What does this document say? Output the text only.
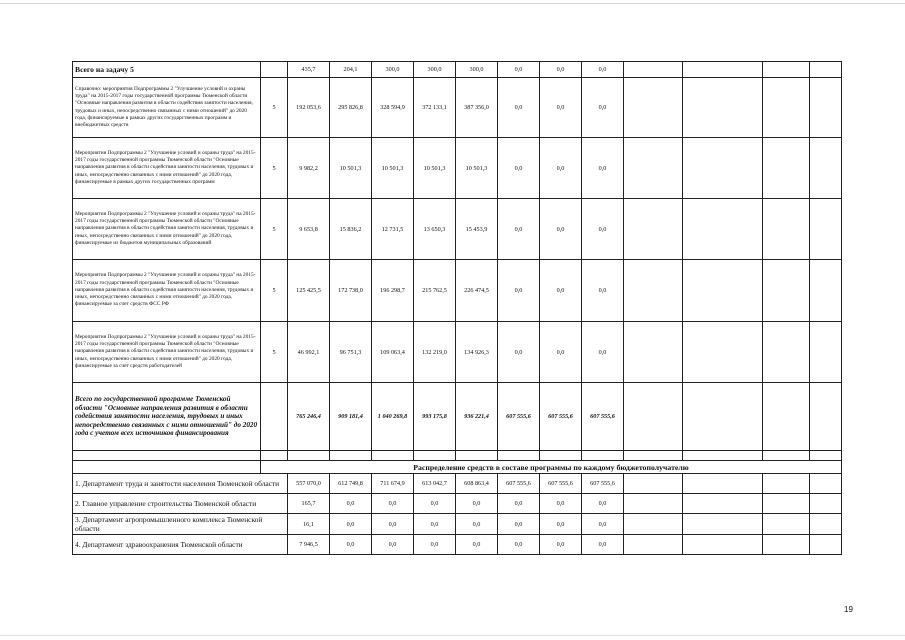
Всего на задачу 5		435,7	204,1	300,0	300,0	300,0	0,0	0,0	0,0				
Справочно: мероприятия Подпрограммы 2 "Улучшение условий и охраны труда" на 2015-2017 годы государственной программы Тюменской области "Основные направления развития в области содействия занятости населения, трудовых и иных, непосредственно связанных с ними отношений" до 2020 года, финансируемые в рамках других государственных программ и внебюджетных средств	5	192 053,6	295 826,8	328 594,9	372 133,1	387 356,0	0,0	0,0	0,0				
Мероприятия Подпрограммы 2 "Улучшение условий и охраны труда" на 2015-2017 годы государственной программы Тюменской области "Основные направления развития в области содействия занятости населения, трудовых и иных, непосредственно связанных с ними отношений" до 2020 года, финансируемые в рамках других государственных программ	5	9 982,2	10 501,3	10 501,3	10 501,3	10 501,3	0,0	0,0	0,0				
Мероприятия Подпрограммы 2 "Улучшение условий и охраны труда" на 2015-2017 годы государственной программы Тюменской области "Основные направления развития в области содействия занятости населения, трудовых и иных, непосредственно связанных с ними отношений" до 2020 года, финансируемые из бюджетов муниципальных образований	5	9 653,8	15 836,2	12 731,5	13 650,3	15 453,9	0,0	0,0	0,0				
Мероприятия Подпрограммы 2 "Улучшение условий и охраны труда" на 2015-2017 годы государственной программы Тюменской области "Основные направления развития в области содействия занятости населения, трудовых и иных, непосредственно связанных с ними отношений" до 2020 года, финансируемые за счет средств ФСС РФ	5	125 425,5	172 738,0	196 298,7	215 762,5	226 474,5	0,0	0,0	0,0				
Мероприятия Подпрограммы 2 "Улучшение условий и охраны труда" на 2015-2017 годы государственной программы Тюменской области "Основные направления развития в области содействия занятости населения, трудовых и иных, непосредственно связанных с ними отношений" до 2020 года, финансируемые за счет средств работодателей	5	46 992,1	96 751,3	109 063,4	132 219,0	134 926,3	0,0	0,0	0,0				
Всего по государственной программе Тюменской области "Основные направления развития в области содействия занятости населения, трудовых и иных непосредственно связанных с ними отношений" до 2020 года с учетом всех источников финансирования		765 246,4	909 181,4	1 040 269,8	993 175,8	936 221,4	607 555,6	607 555,6	607 555,6				

	Распределение средств в составе программы по каждому бюджетополучателю												
1. Департамент труда и занятости населения Тюменской области		557 070,0	612 749,8	711 674,9	613 042,7	608 863,4	607 555,6	607 555,6	607 555,6				
2. Главное управление строительства Тюменской области		165,7	0,0	0,0	0,0	0,0	0,0	0,0	0,0				
3. Департамент агропромышленного комплекса Тюменской области		16,1	0,0	0,0	0,0	0,0	0,0	0,0	0,0				
4. Департамент здравоохранения Тюменской области		7 946,5	0,0	0,0	0,0	0,0	0,0	0,0	0,0				
19
